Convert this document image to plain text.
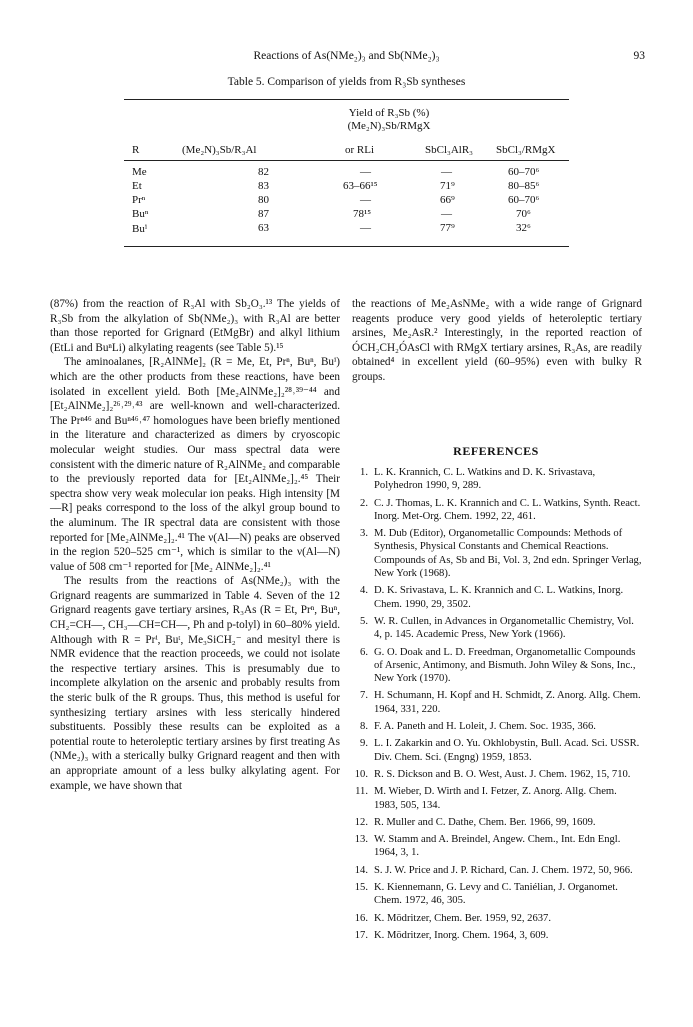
Reactions of As(NMe₂)₃ and Sb(NMe₂)₃	93
Table 5. Comparison of yields from R₃Sb syntheses
Yield of R₃Sb (%)
(Me₂N)₃Sb/RMgX
R	(Me₂N)₃Sb/R₃Al	or RLi	SbCl₃AlR₃ SbCl₃/RMgX
Me	82	—	—	60–70⁶
Et	83	63–66¹⁵	71⁹	80–85⁶
Prⁿ	80	—	66⁹	60–70⁶
Buⁿ	87	78¹⁵	—	70⁶
Buⁱ	63	—	77⁹	32⁶

(87%) from the reaction of R₃Al with Sb₂O₃.¹³ The yields of R₃Sb from the alkylation of Sb(NMe₂)₃ with R₃Al are better than those reported for Grignard (EtMgBr) and alkyl lithium (EtLi and BuⁿLi) alkylating reagents (see Table 5).¹⁵

The aminoalanes, [R₂AlNMe]₂ (R = Me, Et, Prⁿ, Buⁿ, Buⁱ) which are the other products from these reactions, have been isolated in excellent yield. Both [Me₂AlNMe₂]₂²⁸˒³⁹⁻⁴⁴ and [Et₂AlNMe₂]₂²⁶˒²⁹˒⁴³ are well-known and well-characterized. The Prⁿ⁴⁶ and Buⁿ⁴⁶˒⁴⁷ homologues have been briefly mentioned in the literature and characterized as dimers by cryoscopic molecular weight studies. Our mass spectral data were consistent with the dimeric nature of R₂AlNMe₂ and comparable to the previously reported data for [Et₂AlNMe₂]₂.⁴⁵ Their spectra show very weak molecular ion peaks. High intensity [M—R] peaks correspond to the loss of the alkyl group bound to the aluminum. The IR spectral data are consistent with those reported for [Me₂AlNMe₂]₂.⁴¹ The ν(Al—N) peaks are observed in the region 520–525 cm⁻¹, which is similar to the ν(Al—N) value of 508 cm⁻¹ reported for [Me₂ AlNMe₂]₂.⁴¹

The results from the reactions of As(NMe₂)₃ with the Grignard reagents are summarized in Table 4. Seven of the 12 Grignard reagents gave tertiary arsines, R₃As (R = Et, Prⁿ, Buⁿ, CH₂=CH—, CH₃—CH=CH—, Ph and p-tolyl) in 60–80% yield. Although with R = Prⁱ, Buᵗ, Me₃SiCH₂⁻ and mesityl there is NMR evidence that the reaction proceeds, we could not isolate the respective tertiary arsines. This is presumably due to incomplete alkylation on the arsenic and probably results from the steric bulk of the R groups. Thus, this method is useful for synthesizing tertiary arsines with less sterically hindered substituents. Possibly these results can be exploited as a potential route to heteroleptic tertiary arsines by first treating As (NMe₂)₃ with a sterically bulky Grignard reagent and then with an appropriate amount of a less bulky alkylating agent. For example, we have shown that

the reactions of Me₂AsNMe₂ with a wide range of Grignard reagents produce very good yields of heteroleptic tertiary arsines, Me₂AsR.² Interestingly, in the reported reaction of ÓCH₂CH₂ÓAsCl with RMgX tertiary arsines, R₃As, are readily obtained⁴ in excellent yield (60–95%) even with bulky R groups.

REFERENCES
1. L. K. Krannich, C. L. Watkins and D. K. Srivastava, Polyhedron 1990, 9, 289.
2. C. J. Thomas, L. K. Krannich and C. L. Watkins, Synth. React. Inorg. Met-Org. Chem. 1992, 22, 461.
3. M. Dub (Editor), Organometallic Compounds: Methods of Synthesis, Physical Constants and Chemical Reactions. Compounds of As, Sb and Bi, Vol. 3, 2nd edn. Springer Verlag, New York (1968).
4. D. K. Srivastava, L. K. Krannich and C. L. Watkins, Inorg. Chem. 1990, 29, 3502.
5. W. R. Cullen, in Advances in Organometallic Chemistry, Vol. 4, p. 145. Academic Press, New York (1966).
6. G. O. Doak and L. D. Freedman, Organometallic Compounds of Arsenic, Antimony, and Bismuth. John Wiley & Sons, Inc., New York (1970).
7. H. Schumann, H. Kopf and H. Schmidt, Z. Anorg. Allg. Chem. 1964, 331, 220.
8. F. A. Paneth and H. Loleit, J. Chem. Soc. 1935, 366.
9. L. I. Zakarkin and O. Yu. Okhlobystin, Bull. Acad. Sci. USSR. Div. Chem. Sci. (Engng) 1959, 1853.
10. R. S. Dickson and B. O. West, Aust. J. Chem. 1962, 15, 710.
11. M. Wieber, D. Wirth and I. Fetzer, Z. Anorg. Allg. Chem. 1983, 505, 134.
12. R. Muller and C. Dathe, Chem. Ber. 1966, 99, 1609.
13. W. Stamm and A. Breindel, Angew. Chem., Int. Edn Engl. 1964, 3, 1.
14. S. J. W. Price and J. P. Richard, Can. J. Chem. 1972, 50, 966.
15. K. Kiennemann, G. Levy and C. Taniélian, J. Organomet. Chem. 1972, 46, 305.
16. K. Mödritzer, Chem. Ber. 1959, 92, 2637.
17. K. Mödritzer, Inorg. Chem. 1964, 3, 609.
